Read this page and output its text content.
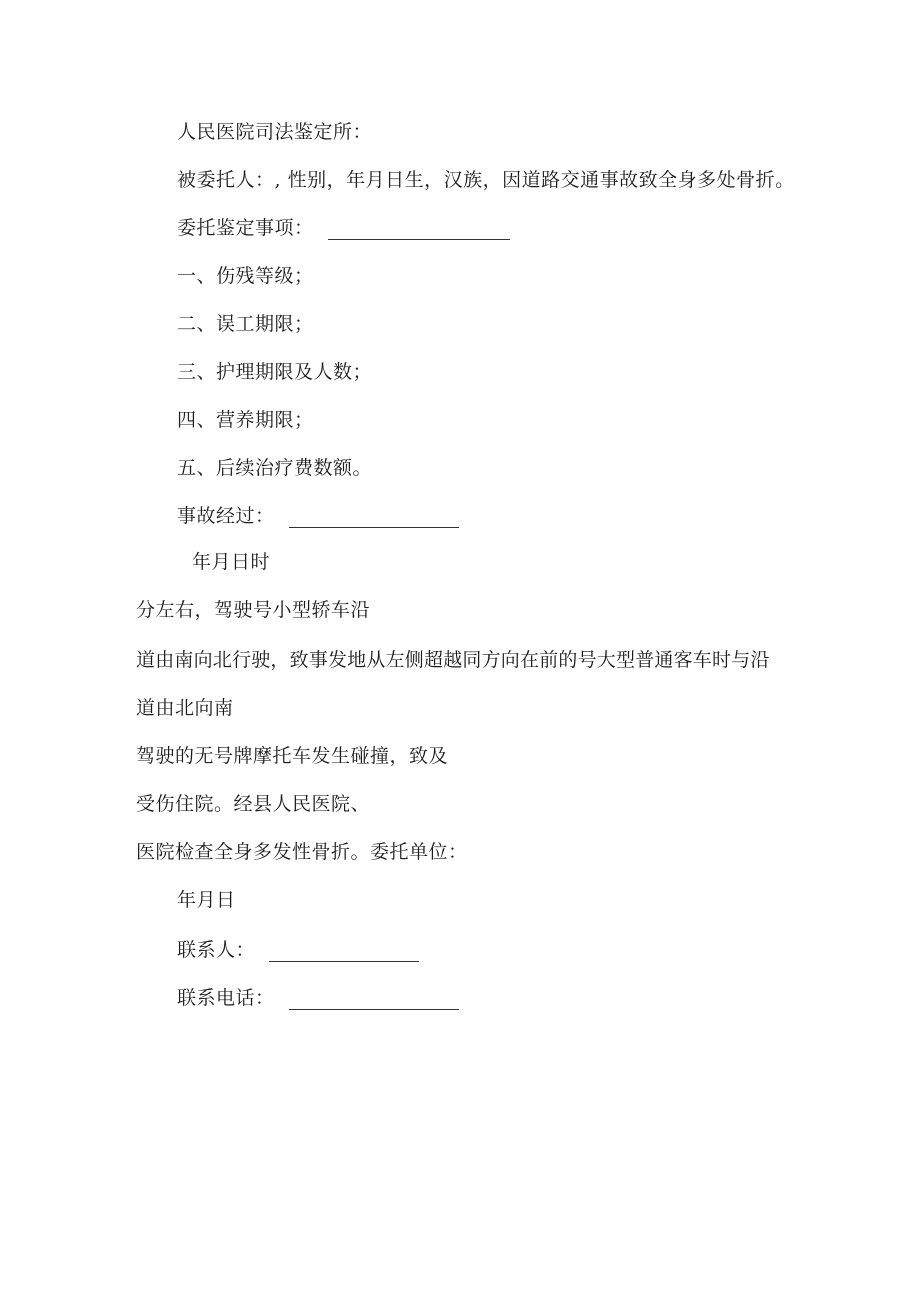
人民医院司法鉴定所：
被委托人：, 性别，年月日生，汉族，因道路交通事故致全身多处骨折。
委托鉴定事项：
一、伤残等级；
二、误工期限；
三、护理期限及人数；
四、营养期限；
五、后续治疗费数额。
事故经过：
年月日时
分左右，驾驶号小型轿车沿
道由南向北行驶，致事发地从左侧超越同方向在前的号大型普通客车时与沿
道由北向南
驾驶的无号牌摩托车发生碰撞，致及
受伤住院。经县人民医院、
医院检查全身多发性骨折。委托单位：
年月日
联系人：
联系电话：
